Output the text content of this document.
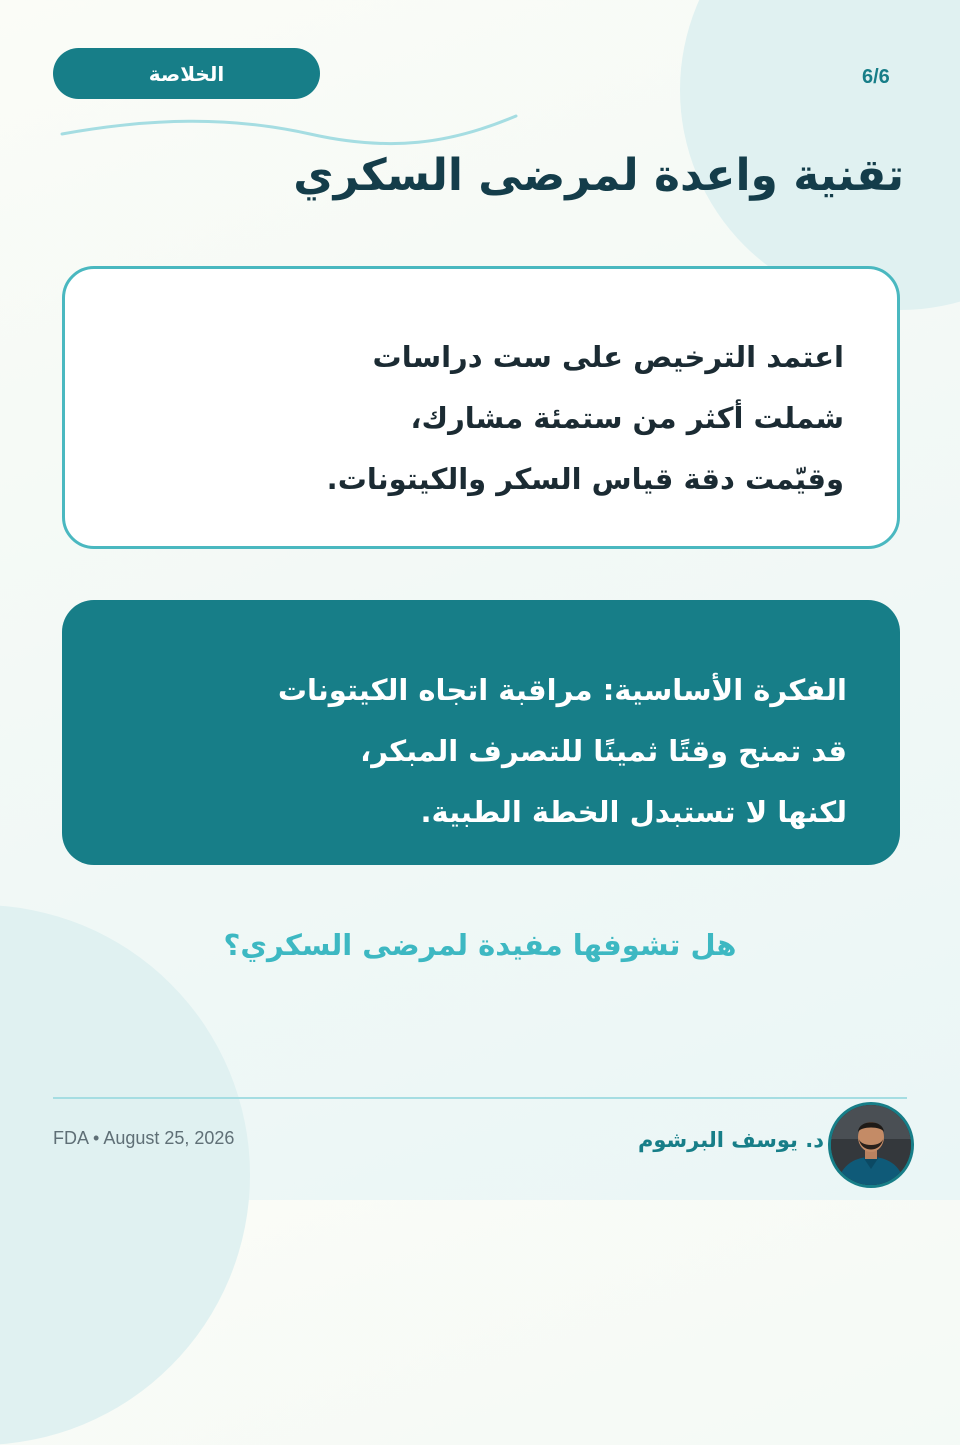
الخلاصة	6/6
تقنية واعدة لمرضى السكري
اعتمد الترخيص على ست دراسات
شملت أكثر من ستمئة مشارك،
وقيّمت دقة قياس السكر والكيتونات.
الفكرة الأساسية: مراقبة اتجاه الكيتونات
قد تمنح وقتًا ثمينًا للتصرف المبكر،
لكنها لا تستبدل الخطة الطبية.
هل تشوفها مفيدة لمرضى السكري؟
FDA • August 25, 2026	د. يوسف البرشوم
